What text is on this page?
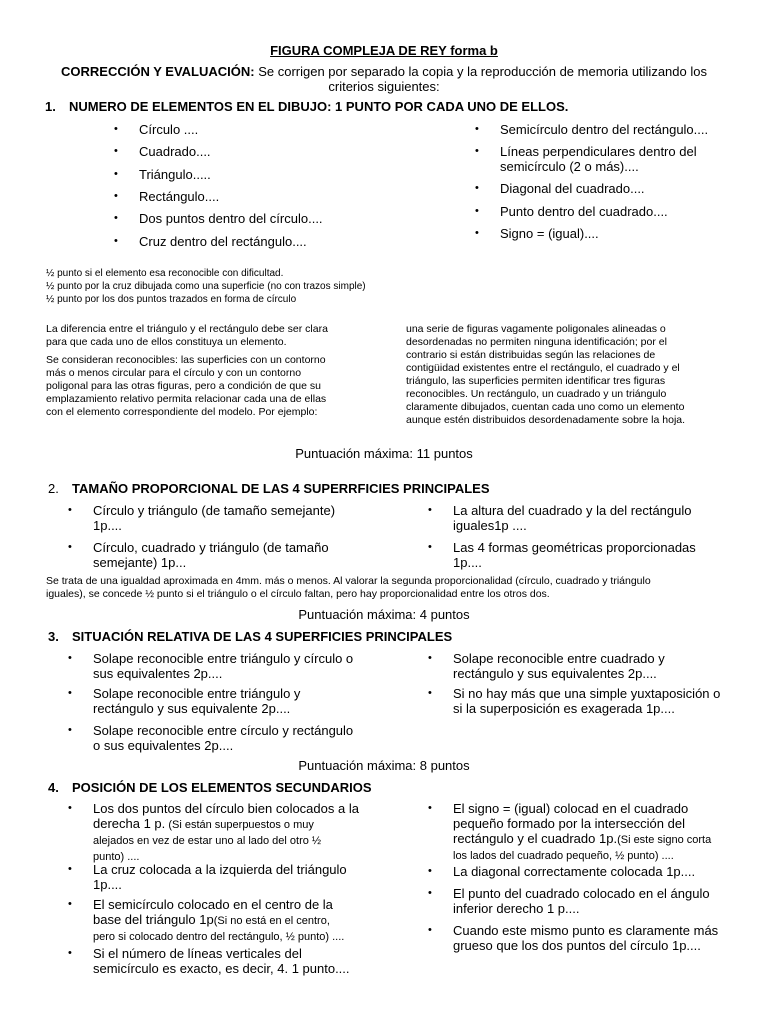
FIGURA COMPLEJA DE REY forma b
CORRECCIÓN Y EVALUACIÓN: Se corrigen por separado la copia y la reproducción de memoria utilizando los
criterios siguientes:
1. NUMERO DE ELEMENTOS EN EL DIBUJO: 1 PUNTO POR CADA UNO DE ELLOS.
• Círculo ....
• Cuadrado....
• Triángulo.....
• Rectángulo....
• Dos puntos dentro del círculo....
• Cruz dentro del rectángulo....
• Semicírculo dentro del rectángulo....
• Líneas perpendiculares dentro del
semicírculo (2 o más)....
• Diagonal del cuadrado....
• Punto dentro del cuadrado....
• Signo = (igual)....
½ punto si el elemento esa reconocible con dificultad.
½ punto por la cruz dibujada como una superficie (no con trazos simple)
½ punto por los dos puntos trazados en forma de círculo
La diferencia entre el triángulo y el rectángulo debe ser clara
para que cada uno de ellos constituya un elemento.
Se consideran reconocibles: las superficies con un contorno
más o menos circular para el círculo y con un contorno
poligonal para las otras figuras, pero a condición de que su
emplazamiento relativo permita relacionar cada una de ellas
con el elemento correspondiente del modelo. Por ejemplo:
una serie de figuras vagamente poligonales alineadas o
desordenadas no permiten ninguna identificación; por el
contrario si están distribuidas según las relaciones de
contigüidad existentes entre el rectángulo, el cuadrado y el
triángulo, las superficies permiten identificar tres figuras
reconocibles. Un rectángulo, un cuadrado y un triángulo
claramente dibujados, cuentan cada uno como un elemento
aunque estén distribuidos desordenadamente sobre la hoja.
Puntuación máxima: 11 puntos
2. TAMAÑO PROPORCIONAL DE LAS 4 SUPERRFICIES PRINCIPALES
• Círculo y triángulo (de tamaño semejante)
1p....
• Círculo, cuadrado y triángulo (de tamaño
semejante) 1p...
• La altura del cuadrado y la del rectángulo
iguales1p ....
• Las 4 formas geométricas proporcionadas
1p....
Se trata de una igualdad aproximada en 4mm. más o menos. Al valorar la segunda proporcionalidad (círculo, cuadrado y triángulo
iguales), se concede ½ punto si el triángulo o el círculo faltan, pero hay proporcionalidad entre los otros dos.
Puntuación máxima: 4 puntos
3. SITUACIÓN RELATIVA DE LAS 4 SUPERFICIES PRINCIPALES
• Solape reconocible entre triángulo y círculo o
sus equivalentes 2p....
• Solape reconocible entre triángulo y
rectángulo y sus equivalente 2p....
• Solape reconocible entre círculo y rectángulo
o sus equivalentes 2p....
• Solape reconocible entre cuadrado y
rectángulo y sus equivalentes 2p....
• Si no hay más que una simple yuxtaposición o
si la superposición es exagerada 1p....
Puntuación máxima: 8 puntos
4. POSICIÓN DE LOS ELEMENTOS SECUNDARIOS
• Los dos puntos del círculo bien colocados a la
derecha 1 p. (Si están superpuestos o muy
alejados en vez de estar uno al lado del otro ½
punto) ....
• La cruz colocada a la izquierda del triángulo
1p....
• El semicírculo colocado en el centro de la
base del triángulo 1p(Si no está en el centro,
pero si colocado dentro del rectángulo, ½ punto) ....
• Si el número de líneas verticales del
semicírculo es exacto, es decir, 4. 1 punto....
• El signo = (igual) colocad en el cuadrado
pequeño formado por la intersección del
rectángulo y el cuadrado 1p.(Si este signo corta
los lados del cuadrado pequeño, ½ punto) ....
• La diagonal correctamente colocada 1p....
• El punto del cuadrado colocado en el ángulo
inferior derecho 1 p....
• Cuando este mismo punto es claramente más
grueso que los dos puntos del círculo 1p....
